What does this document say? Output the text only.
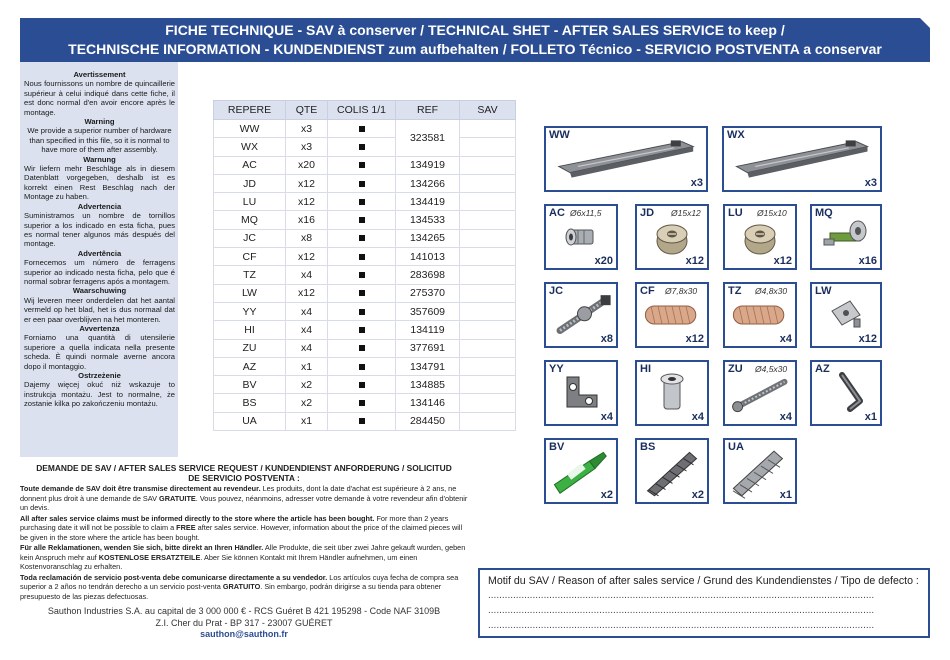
FICHE TECHNIQUE - SAV à conserver / TECHNICAL SHET - AFTER SALES SERVICE to keep /
TECHNISCHE INFORMATION - KUNDENDIENST zum aufbehalten / FOLLETO Técnico - SERVICIO POSTVENTA a conservar

Avertissement

Nous fournissons un nombre de quincaillerie supérieur à celui indiqué dans cette fiche, il est donc normal d'en avoir encore après le montage.

Warning

We provide a superior number of hardware than specified in this file, so it is normal to have more of them after assembly.

Warnung

Wir liefern mehr Beschläge als in diesem Datenblatt vorgegeben, deshalb ist es korrekt einen Rest Beschlag nach der Montage zu haben.

Advertencia

Suministramos un nombre de tornillos superior a los indicado en esta ficha, pues es normal tener algunos más después del montage.

Advertência

Fornecemos um número de ferragens superior ao indicado nesta ficha, pelo que é normal sobrar ferragens após a montagem.

Waarschuwing

Wij leveren meer onderdelen dat het aantal vermeld op het blad, het is dus normaal dat er een paar overblijven na het monteren.

Avvertenza

Forniamo una quantità di utensilerie superiore a quella indicata nella presente scheda. È quindi normale averne ancora dopo il montaggio.

Ostrzeżenie

Dajemy więcej okuć niż wskazuje to instrukcja montażu. Jest to normalne, że zostanie kilka po zakończeniu montażu.

REPERE	QTE	COLIS 1/1	REF	SAV
WW	x3		323581	
WX	x3			
AC	x20		134919	
JD	x12		134266	
LU	x12		134419	
MQ	x16		134533	
JC	x8		134265	
CF	x12		141013	
TZ	x4		283698	
LW	x12		275370	
YY	x4		357609	
HI	x4		134119	
ZU	x4		377691	
AZ	x1		134791	
BV	x2		134885	
BS	x2		134146	
UA	x1		284450	
DEMANDE DE SAV / AFTER SALES SERVICE REQUEST / KUNDENDIENST ANFORDERUNG / SOLICITUD DE SERVICIO POSTVENTA :

Toute demande de SAV doit être transmise directement au revendeur. Les produits, dont la date d'achat est supérieure à 2 ans, ne donnent plus droit à une demande de SAV GRATUITE. Vous pouvez, néanmoins, adresser votre demande à votre revendeur afin d'obtenir un devis.

All after sales service claims must be informed directly to the store where the article has been bought. For more than 2 years purchasing date it will not be possible to claim a FREE after sales service. However, information about the price of the claimed pieces will be given in the store where the article has been bought.

Für alle Reklamationen, wenden Sie sich, bitte direkt an Ihren Händler. Alle Produkte, die seit über zwei Jahre gekauft wurden, geben kein Anspruch mehr auf KOSTENLOSE ERSATZTEILE. Aber Sie können Kontakt mit Ihrem Händler aufnehmen, um einen Kostenvoranschlag zu erhalten.

Toda reclamación de servicio post-venta debe comunicarse directamente a su vendedor. Los artículos cuya fecha de compra sea superior a 2 años no tendrán derecho a un servicio post-venta GRATUITO. Sin embargo, podrán dirigirse a su tienda para obtener presupuesto de las piezas defectuosas.

Sauthon Industries S.A. au capital de 3 000 000 € - RCS Guéret B 421 195298 - Code NAF 3109B
Z.I. Cher du Prat - BP 317 - 23007 GUÉRET
sauthon@sauthon.fr
Motif du SAV / Reason of after sales service / Grund des Kundendienstes / Tipo de defecto :
...........................................................................................................................................
...........................................................................................................................................
...........................................................................................................................................
WW
x3
WX
x3
AC
x20
Ø6x11,5	JD
x12
Ø15x12 LU
x12
Ø15x10	MQ
x16
JC
x8
CF
x12
Ø7,8x30	TZ
x4
Ø4,8x30	LW
x12
YY
x4
HI
x4
ZU
x4
Ø4,5x30	AZ
x1
BV
x2
BS
x2
UA
x1
